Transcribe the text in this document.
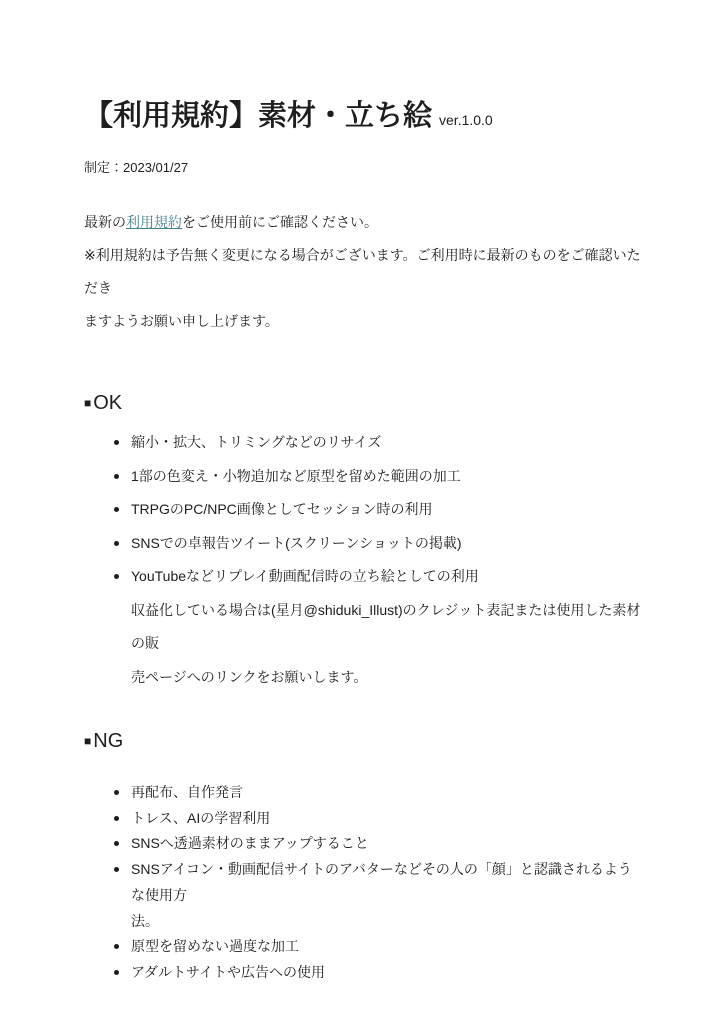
【利用規約】素材・立ち絵 ver.1.0.0

制定：2023/01/27

最新の利用規約をご使用前にご確認ください。

※利用規約は予告無く変更になる場合がございます。ご利用時に最新のものをご確認いただき

ますようお願い申し上げます。

■ OK
縮小・拡大、トリミングなどのリサイズ
1部の色変え・小物追加など原型を留めた範囲の加工
TRPGのPC/NPC画像としてセッション時の利用
SNSでの卓報告ツイート(スクリーンショットの掲載)
YouTubeなどリプレイ動画配信時の立ち絵としての利用
収益化している場合は(星月@shiduki_Illust)のクレジット表記または使用した素材の販
売ページへのリンクをお願いします。
■ NG
再配布、自作発言
トレス、AIの学習利用
SNSへ透過素材のままアップすること
SNSアイコン・動画配信サイトのアバターなどその人の「顔」と認識されるような使用方
法。
原型を留めない過度な加工
アダルトサイトや広告への使用
